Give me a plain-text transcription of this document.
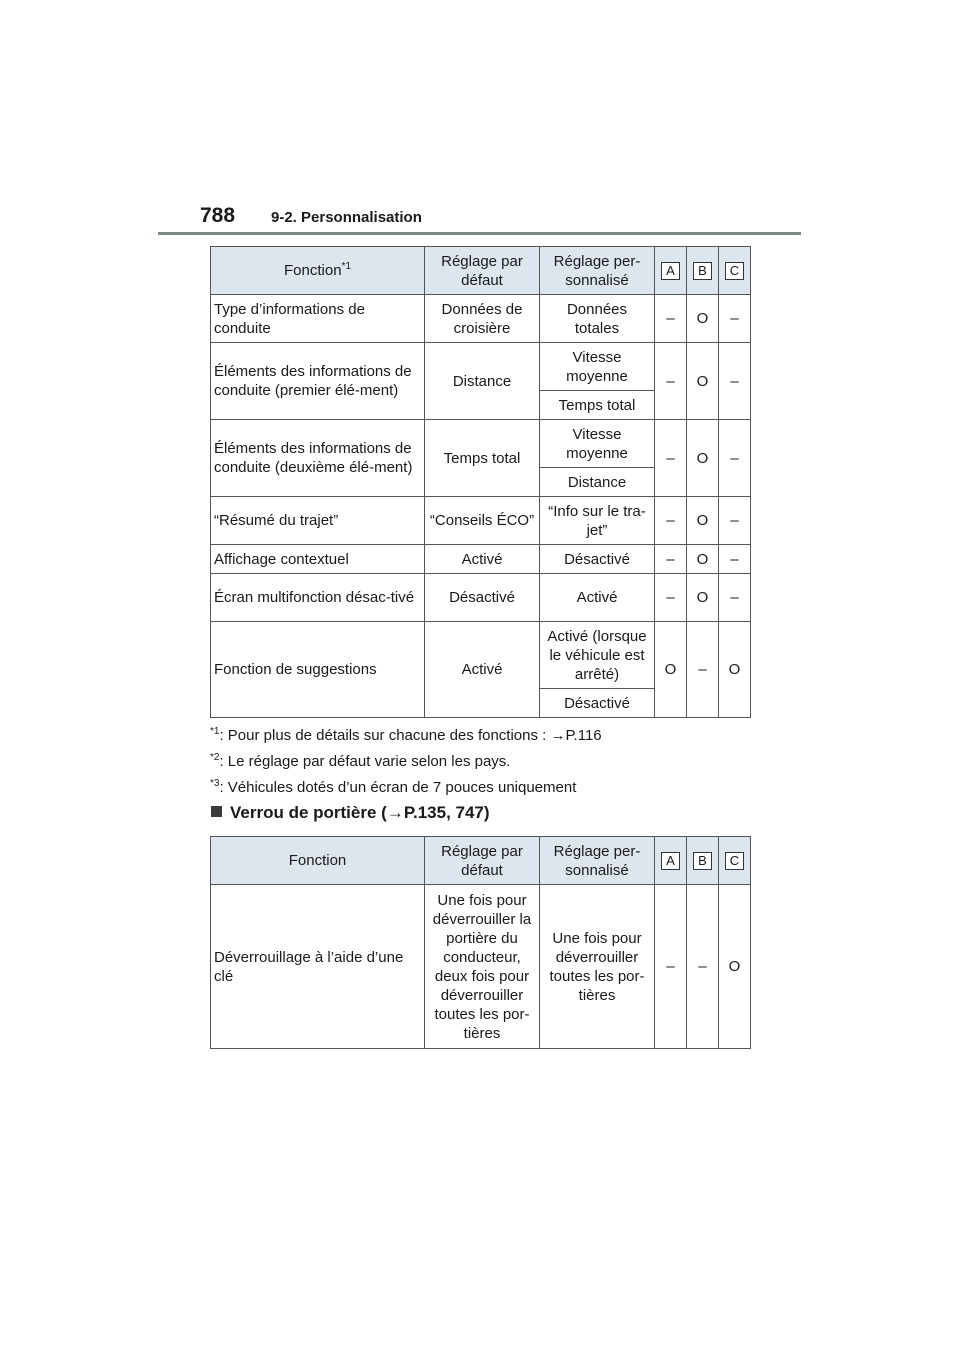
788 9-2. Personnalisation
Fonction$^{*1}$	Réglage par défaut	Réglage per-sonnalisé	A	B	C
Type d’informations de conduite	Données de croisière	Données totales	–	O	–
Éléments des informations de conduite (premier élé-ment)	Distance	Vitesse moyenne	–	O	–
		Temps total			
Éléments des informations de conduite (deuxième élé-ment)	Temps total	Vitesse moyenne	–	O	–
		Distance			
“Résumé du trajet”	“Conseils ÉCO”	“Info sur le tra-jet”	–	O	–
Affichage contextuel	Activé	Désactivé	–	O	–
Écran multifonction désac-tivé	Désactivé	Activé	–	O	–
Fonction de suggestions	Activé	Activé (lorsque le véhicule est arrêté)	O	–	O
		Désactivé			

$^{*1}$: Pour plus de détails sur chacune des fonctions : →P.116

$^{*2}$: Le réglage par défaut varie selon les pays.

$^{*3}$: Véhicules dotés d’un écran de 7 pouces uniquement

Verrou de portière (→P.135, 747)
Fonction	Réglage par défaut	Réglage per-sonnalisé	A	B	C
Déverrouillage à l’aide d’une clé	Une fois pour déverrouiller la portière du conducteur, deux fois pour déverrouiller toutes les por-tières	Une fois pour déverrouiller toutes les por-tières	–	–	O
